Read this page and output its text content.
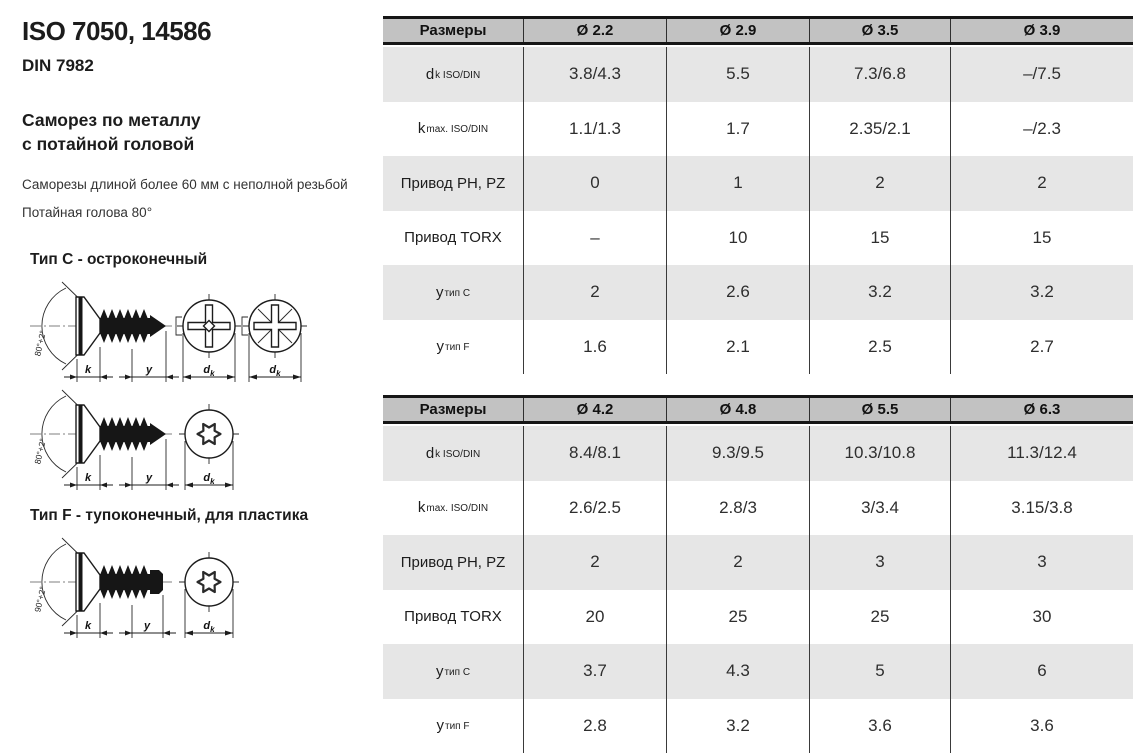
ISO 7050, 14586
DIN 7982
Саморез по металлу
с потайной головой

Саморезы длиной более 60 мм с неполной резьбой

Потайная голова 80°

Тип C - остроконечный
80°+2°
k	y	$d_k$	$d_k$
80°+2°
k	y	$d_k$
Тип F - тупоконечный, для пластика
90°+2°
k	y	$d_k$
Размеры	Ø 2.2	Ø 2.9	Ø 3.5	Ø 3.9
$d_{k ISO/DIN}$	3.8/4.3	5.5	7.3/6.8	–/7.5
$k_{max. ISO/DIN}$	1.1/1.3	1.7	2.35/2.1	–/2.3
Привод PH, PZ	0	1	2	2
Привод TORX	–	10	15	15
$y_{тип C}$	2	2.6	3.2	3.2
$y_{тип F}$	1.6	2.1	2.5	2.7
Размеры	Ø 4.2	Ø 4.8	Ø 5.5	Ø 6.3
$d_{k ISO/DIN}$	8.4/8.1	9.3/9.5	10.3/10.8	11.3/12.4
$k_{max. ISO/DIN}$	2.6/2.5	2.8/3	3/3.4	3.15/3.8
Привод PH, PZ	2	2	3	3
Привод TORX	20	25	25	30
$y_{тип C}$	3.7	4.3	5	6
$y_{тип F}$	2.8	3.2	3.6	3.6
